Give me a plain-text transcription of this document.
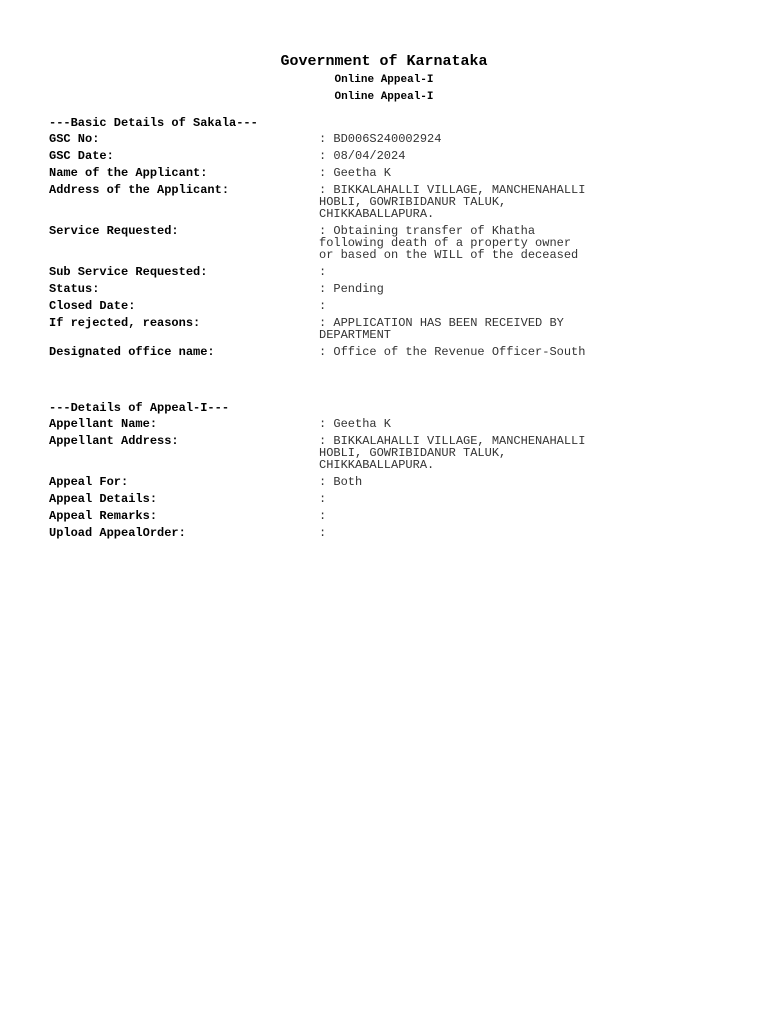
Government of Karnataka
Online Appeal-I
Online Appeal-I
---Basic Details of Sakala---
GSC No:	: BD006S240002924
GSC Date:	: 08/04/2024
Name of the Applicant:	: Geetha K
Address of the Applicant:	: BIKKALAHALLI VILLAGE, MANCHENAHALLI HOBLI, GOWRIBIDANUR TALUK, CHIKKABALLAPURA.
Service Requested:	: Obtaining transfer of Khatha following death of a property owner or based on the WILL of the deceased
Sub Service Requested:	:
Status:	: Pending
Closed Date:	:
If rejected, reasons:	: APPLICATION HAS BEEN RECEIVED BY DEPARTMENT
Designated office name:	: Office of the Revenue Officer-South
---Details of Appeal-I---
Appellant Name:	: Geetha K
Appellant Address:	: BIKKALAHALLI VILLAGE, MANCHENAHALLI HOBLI, GOWRIBIDANUR TALUK, CHIKKABALLAPURA.
Appeal For:	: Both
Appeal Details:	:
Appeal Remarks:	:
Upload AppealOrder:	:
